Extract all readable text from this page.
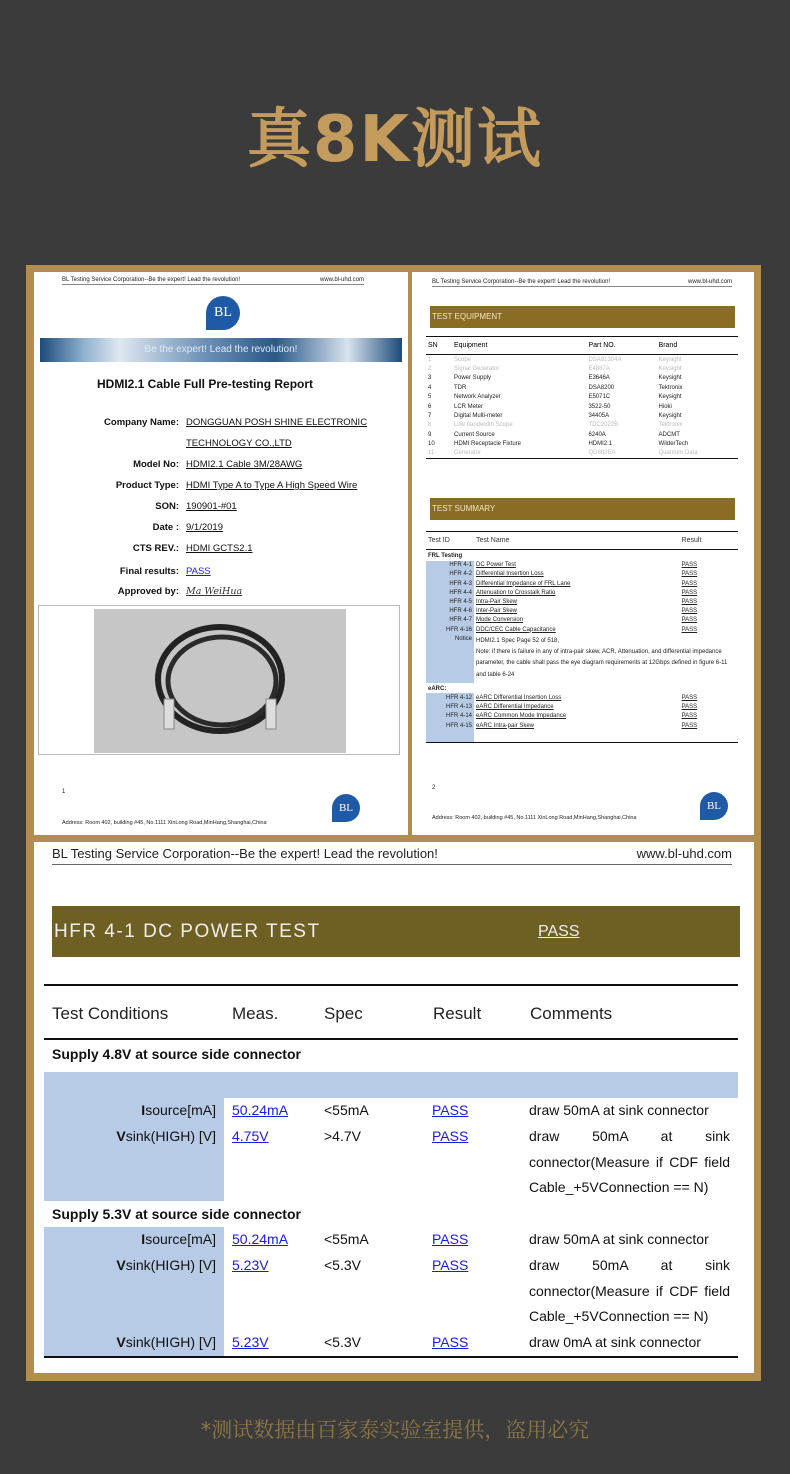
真8K测试
BL Testing Service Corporation--Be the expert! Lead the revolution!	www.bl-uhd.com
BL
Be the expert! Lead the revolution!
HDMI2.1 Cable Full Pre-testing Report
Company Name: DONGGUAN POSH SHINE ELECTRONIC
TECHNOLOGY CO.,LTD
Model No: HDMI2.1 Cable 3M/28AWG
Product Type: HDMI Type A to Type A High Speed Wire
SON: 190901-#01
Date : 9/1/2019
CTS REV.: HDMI GCTS2.1
Final results: PASS
Approved by: Ma WeiHua
1
BL
Address: Room 402, building #45, No.1111 XinLong Road,MinHang,Shanghai,China
BL Testing Service Corporation--Be the expert! Lead the revolution!	www.bl-uhd.com
TEST EQUIPMENT
SN	Equipment	Part NO.	Brand
1	Scope	DSA91304A	Keysight
2	Signal Generator	E4887A	Keysight
3	Power Supply	E3646A	Keysight
4	TDR	DSA8200	Tektronix
5	Network Analyzer	E5071C	Keysight
6	LCR Meter	3522-50	Hioki
7	Digital Multi-meter	34405A	Keysight
8	Low bandwidth Scope	TDC2022B	Tektronix
9	Current Source	6240A	ADCMT
10	HDMI Receptacle Fixture	HDMI2.1	WilderTech
11	Generator	QD882EA	Quantum Data
TEST SUMMARY
Test ID	Test Name	Result
FRL Testing		
HFR 4-1	DC Power Test	PASS
HFR 4-2	Differential Insertion Loss	PASS
HFR 4-3	Differential Impedance of FRL Lane	PASS
HFR 4-4	Attenuation to Crosstalk Ratio	PASS
HFR 4-5	Intra-Pair Skew	PASS
HFR 4-6	Inter-Pair Skew	PASS
HFR 4-7	Mode Conversion	PASS
HFR 4-16	DDC/CEC Cable Capacitance	PASS
Notice	HDMI2.1 Spec Page 52 of 518,
Note: if there is failure in any of intra-pair skew, ACR, Attenuation, and differential impedance parameter, the cable shall pass the eye diagram requirements at 12Gbps defined in figure 6-11 and table 6-24	

eARC:		
HFR 4-12	eARC Differential Insertion Loss	PASS
HFR 4-13	eARC Differential Impedance	PASS
HFR 4-14	eARC Common Mode Impedance	PASS
HFR 4-15	eARC Intra-pair Skew	PASS

2
BL
Address: Room 402, building #45, No.1111 XinLong Road,MinHang,Shanghai,China
BL Testing Service Corporation--Be the expert! Lead the revolution!	www.bl-uhd.com
HFR 4-1 DC POWER TEST	PASS
Test Conditions	Meas.	Spec	Result	Comments
Supply 4.8V at source side connector
Isource[mA]	50.24mA	<55mA	PASS	draw 50mA at sink connector
Vsink(HIGH) [V]	4.75V	>4.7V	PASS	draw 50mA at sink connector(Measure if CDF field Cable_+5VConnection == N)
Supply 5.3V at source side connector
Isource[mA]	50.24mA	<55mA	PASS	draw 50mA at sink connector
Vsink(HIGH) [V]	5.23V	<5.3V	PASS	draw 50mA at sink connector(Measure if CDF field Cable_+5VConnection == N)
Vsink(HIGH) [V]	5.23V	<5.3V	PASS	draw 0mA at sink connector
*测试数据由百家泰实验室提供，盗用必究
